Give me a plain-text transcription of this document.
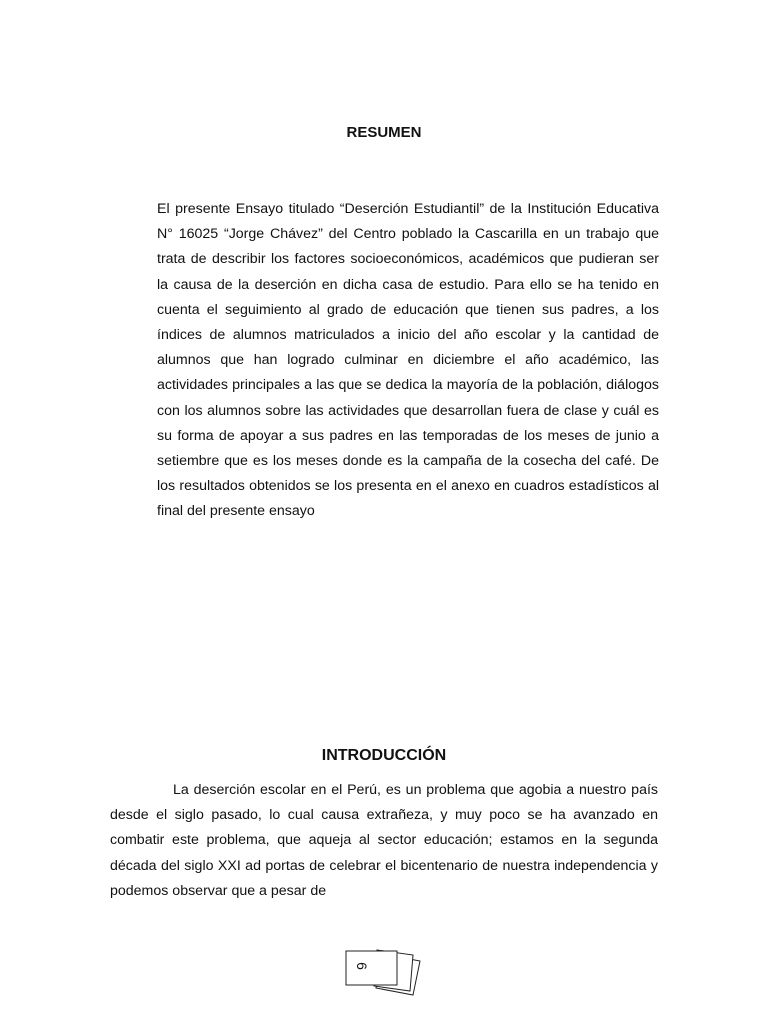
RESUMEN

El presente Ensayo titulado “Deserción Estudiantil” de la Institución Educativa N° 16025 “Jorge Chávez” del Centro poblado la Cascarilla en un trabajo que trata de describir los factores socioeconómicos, académicos que pudieran ser la causa de la deserción en dicha casa de estudio. Para ello se ha tenido en cuenta el seguimiento al grado de educación que tienen sus padres, a los índices de alumnos matriculados a inicio del año escolar y la cantidad de alumnos que han logrado culminar en diciembre el año académico, las actividades principales a las que se dedica la mayoría de la población, diálogos con los alumnos sobre las actividades que desarrollan fuera de clase y cuál es su forma de apoyar a sus padres en las temporadas de los meses de junio a setiembre que es los meses donde es la campaña de la cosecha del café. De los resultados obtenidos se los presenta en el anexo en cuadros estadísticos al final del presente ensayo

INTRODUCCIÓN

La deserción escolar en el Perú, es un problema que agobia a nuestro país desde el siglo pasado, lo cual causa extrañeza, y muy poco se ha avanzado en combatir este problema, que aqueja al sector educación; estamos en la segunda década del siglo XXI ad portas de celebrar el bicentenario de nuestra independencia y podemos observar que a pesar de

6
